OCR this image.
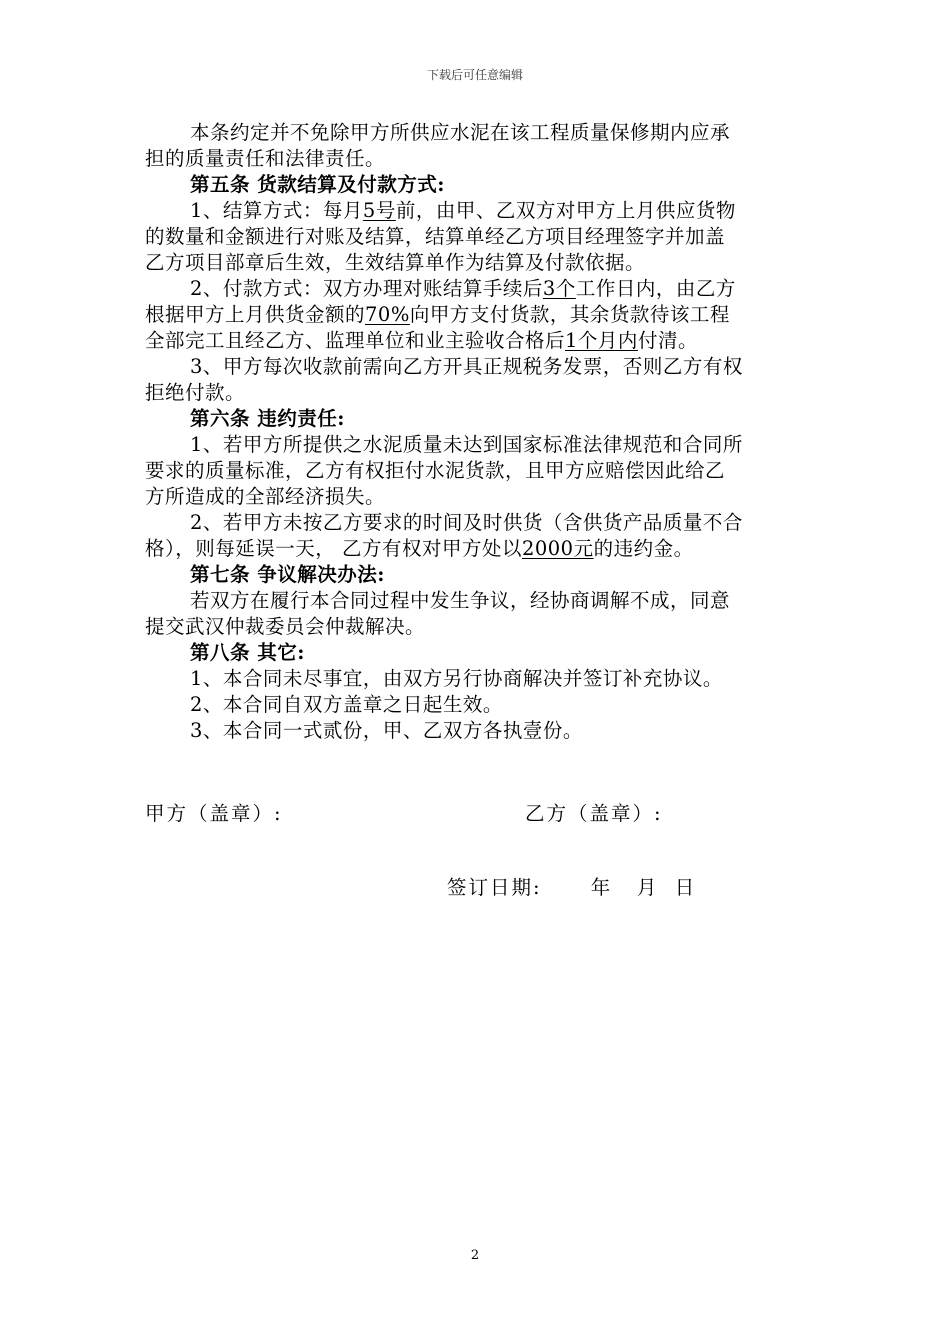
下载后可任意编辑
本条约定并不免除甲方所供应水泥在该工程质量保修期内应承
担的质量责任和法律责任。
第五条 货款结算及付款方式:
1、结算方式：每月5号前，由甲、乙双方对甲方上月供应货物
的数量和金额进行对账及结算，结算单经乙方项目经理签字并加盖
乙方项目部章后生效，生效结算单作为结算及付款依据。
2、付款方式：双方办理对账结算手续后3个工作日内，由乙方
根据甲方上月供货金额的70%向甲方支付货款，其余货款待该工程
全部完工且经乙方、监理单位和业主验收合格后1个月内付清。
3、甲方每次收款前需向乙方开具正规税务发票，否则乙方有权
拒绝付款。
第六条 违约责任:
1、若甲方所提供之水泥质量未达到国家标准法律规范和合同所
要求的质量标准，乙方有权拒付水泥货款，且甲方应赔偿因此给乙
方所造成的全部经济损失。
2、若甲方未按乙方要求的时间及时供货（含供货产品质量不合
格），则每延误一天， 乙方有权对甲方处以2000元的违约金。
第七条 争议解决办法:
若双方在履行本合同过程中发生争议，经协商调解不成，同意
提交武汉仲裁委员会仲裁解决。
第八条 其它:
1、本合同未尽事宜，由双方另行协商解决并签订补充协议。
2、本合同自双方盖章之日起生效。
3、本合同一式贰份，甲、乙双方各执壹份。
甲方（盖章）:	乙方（盖章）:
签订日期:      年   月  日
2
